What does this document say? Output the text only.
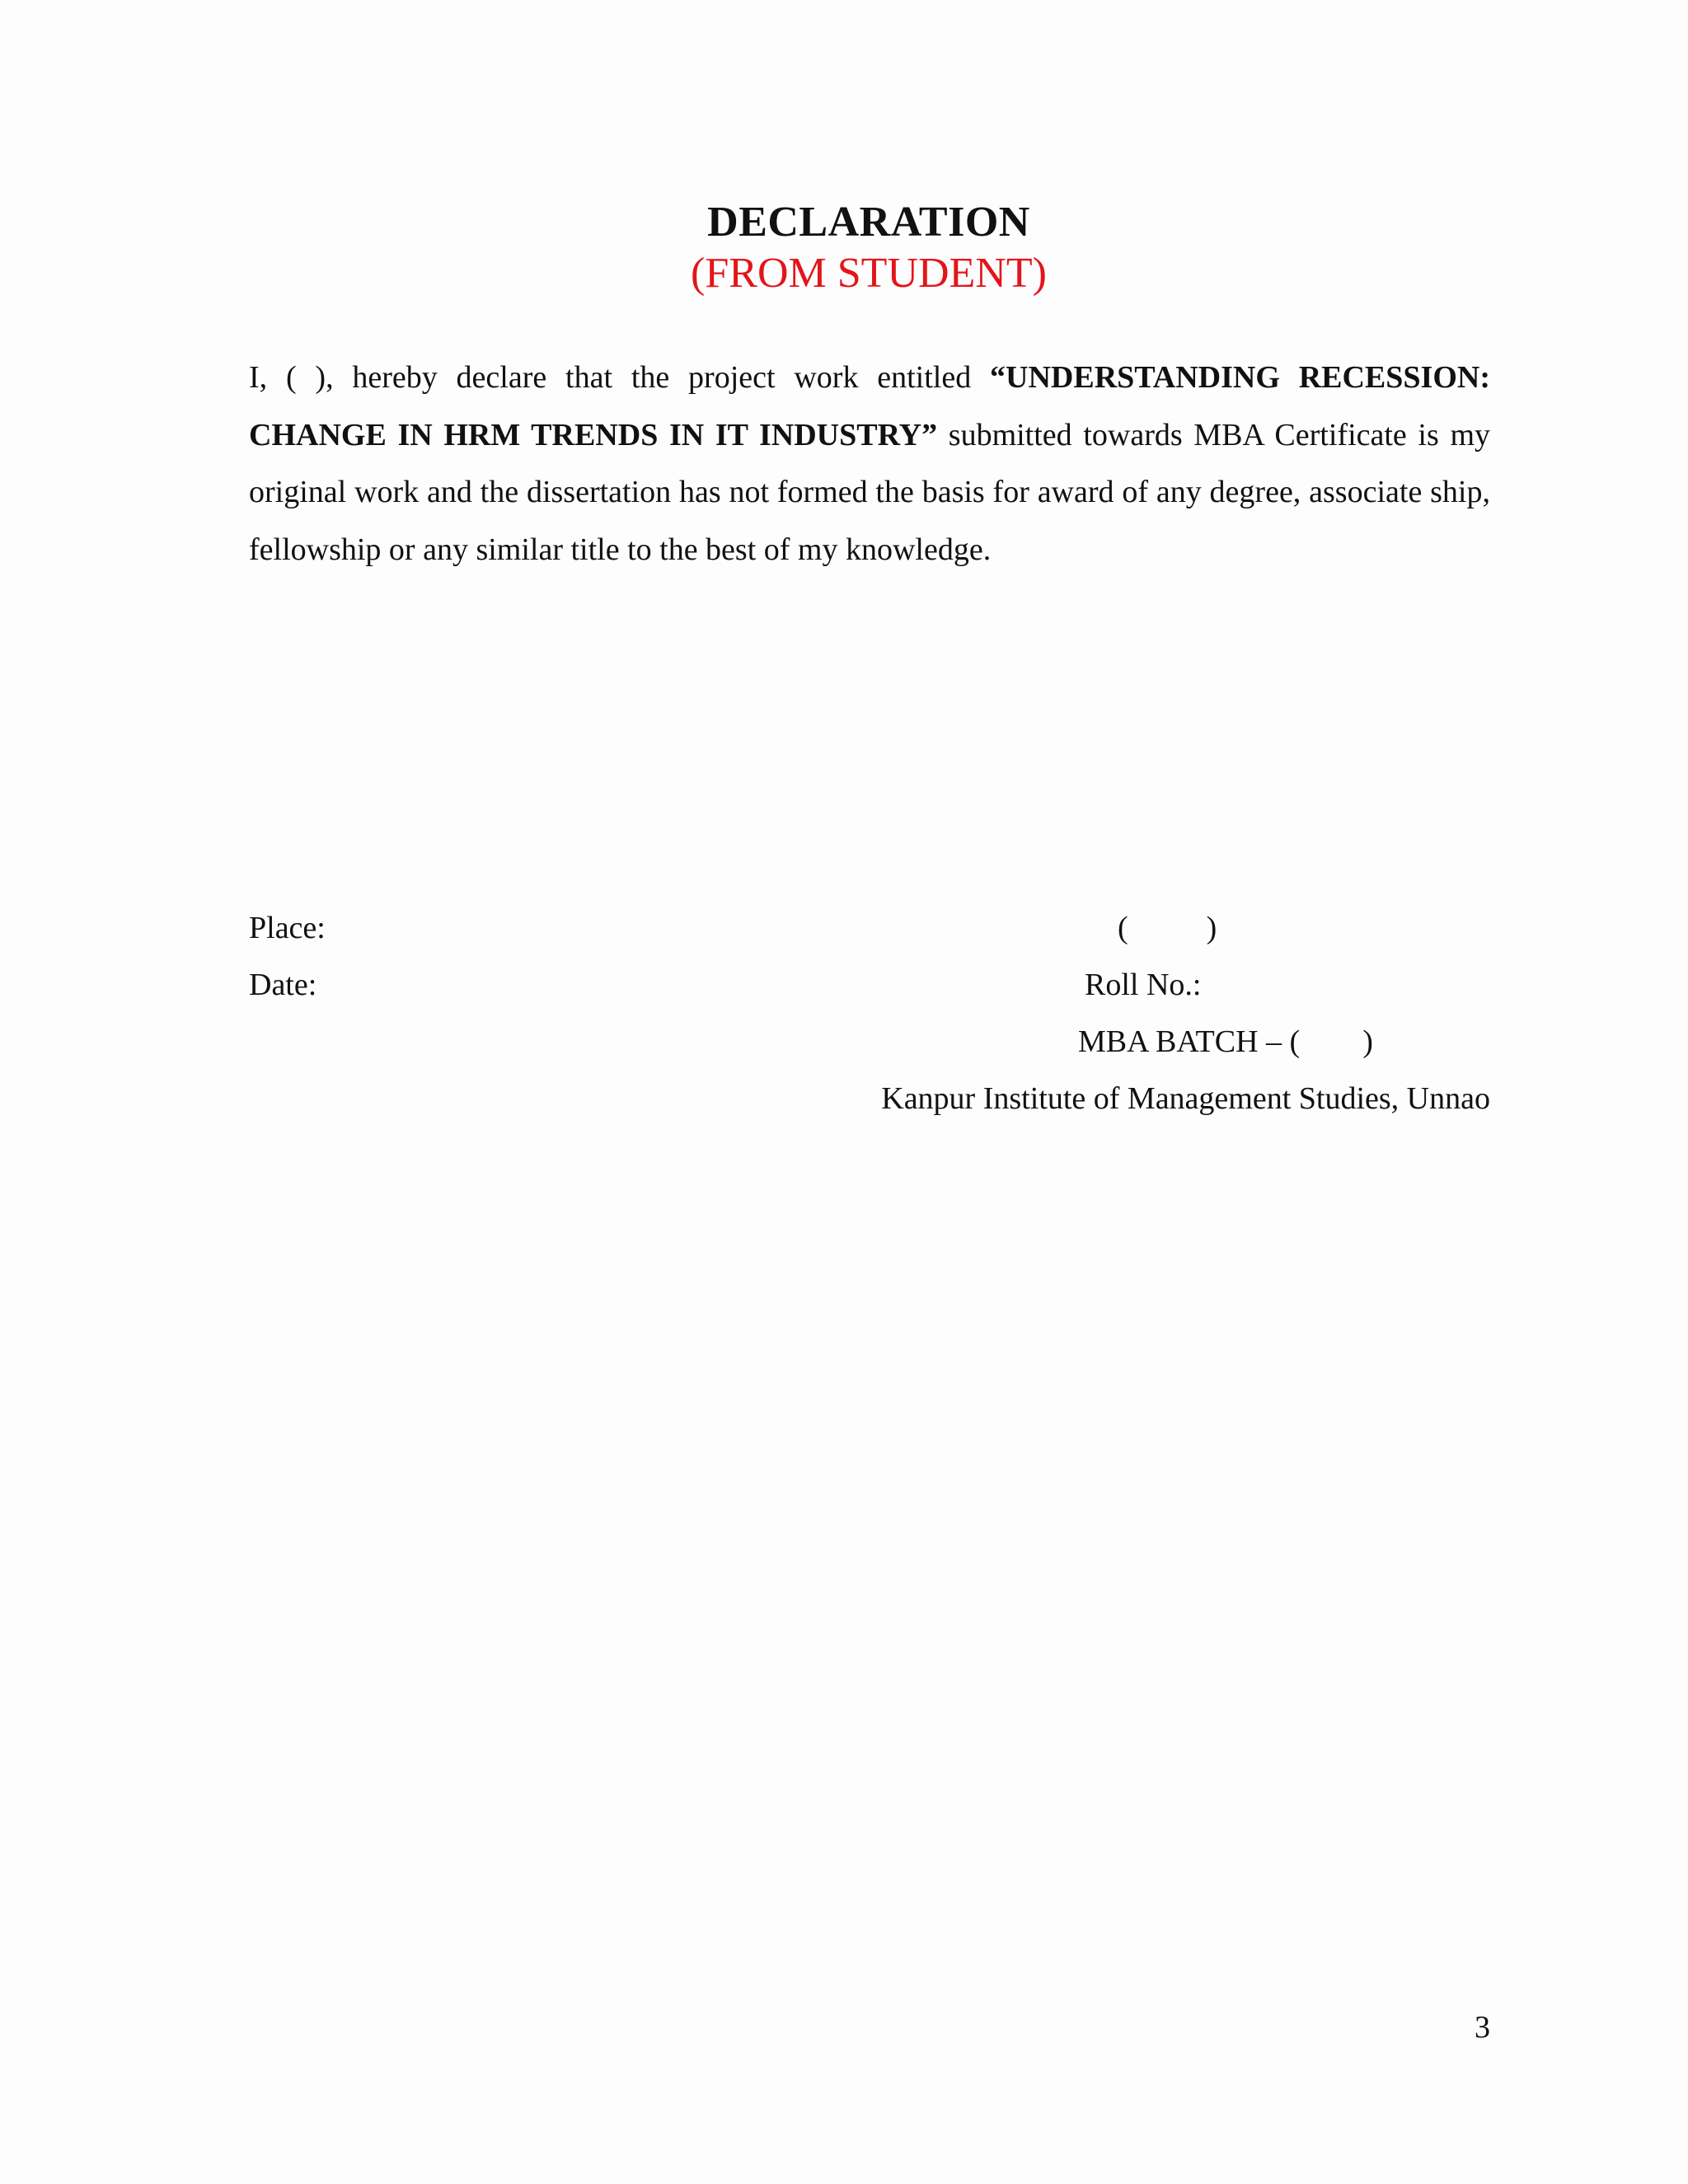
DECLARATION
(FROM STUDENT)
I, ( ), hereby declare that the project work entitled “UNDERSTANDING RECESSION: CHANGE IN HRM TRENDS IN IT INDUSTRY” submitted towards MBA Certificate is my original work and the dissertation has not formed the basis for award of any degree, associate ship, fellowship or any similar title to the best of my knowledge.
Place:
Date:
(          )
Roll No.:
MBA BATCH – (        )
Kanpur Institute of Management Studies, Unnao
3
